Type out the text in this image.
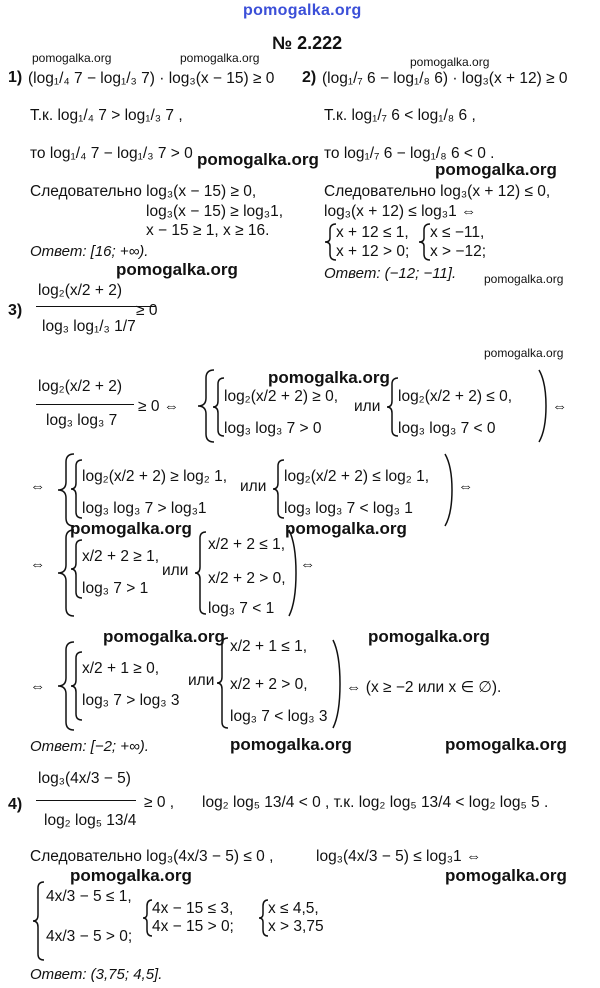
pomogalka.org
pomogalka.org	pomogalka.org	pomogalka.org
pomogalka.org
pomogalka.org
pomogalka.org	pomogalka.org
pomogalka.org
pomogalka.org
pomogalka.org	pomogalka.org
pomogalka.org	pomogalka.org
pomogalka.org	pomogalka.org
pomogalka.org	pomogalka.org
№ 2.222
1) (log₁/₄ 7 − log₁/₃ 7) · log₃(x − 15) ≥ 0
Т.к. log₁/₄ 7 > log₁/₃ 7 ,
то log₁/₄ 7 − log₁/₃ 7 > 0
Следовательно log₃(x − 15) ≥ 0,
log₃(x − 15) ≥ log₃1,
x − 15 ≥ 1, x ≥ 16.
Ответ: [16; +∞).
2) (log₁/₇ 6 − log₁/₈ 6) · log₃(x + 12) ≥ 0
Т.к. log₁/₇ 6 < log₁/₈ 6 ,
то log₁/₇ 6 − log₁/₈ 6 < 0 .
Следовательно log₃(x + 12) ≤ 0,
log₃(x + 12) ≤ log₃1 ⇔
x + 12 ≤ 1,
x + 12 > 0;
x ≤ −11,
x > −12;
Ответ: (−12; −11].
3)
log₂(x/2 + 2)
log₃ log₁/₃ 1/7
≥ 0
log₂(x/2 + 2)
log₃ log₃ 7
≥ 0 ⇔
log₂(x/2 + 2) ≥ 0,
log₃ log₃ 7 > 0
или
log₂(x/2 + 2) ≤ 0,
log₃ log₃ 7 < 0
⇔
⇔
log₂(x/2 + 2) ≥ log₂ 1,
log₃ log₃ 7 > log₃1
или
log₂(x/2 + 2) ≤ log₂ 1,
log₃ log₃ 7 < log₃ 1
⇔
⇔ x/2 + 2 ≥ 1,
log₃ 7 > 1
или
x/2 + 2 ≤ 1,
x/2 + 2 > 0,
log₃ 7 < 1
⇔
⇔
x/2 + 1 ≥ 0,
log₃ 7 > log₃ 3
или
x/2 + 1 ≤ 1,
x/2 + 2 > 0,
log₃ 7 < log₃ 3
⇔ (x ≥ −2 или x ∈ ∅).
Ответ: [−2; +∞).
4)
log₃(4x/3 − 5)
log₂ log₅ 13/4
≥ 0 , log₂ log₅ 13/4 < 0 , т.к. log₂ log₅ 13/4 < log₂ log₅ 5 .
Следовательно log₃(4x/3 − 5) ≤ 0 ,	log₃(4x/3 − 5) ≤ log₃1 ⇔
4x/3 − 5 ≤ 1,
4x/3 − 5 > 0;
4x − 15 ≤ 3,
4x − 15 > 0;
x ≤ 4,5,
x > 3,75
Ответ: (3,75; 4,5].
